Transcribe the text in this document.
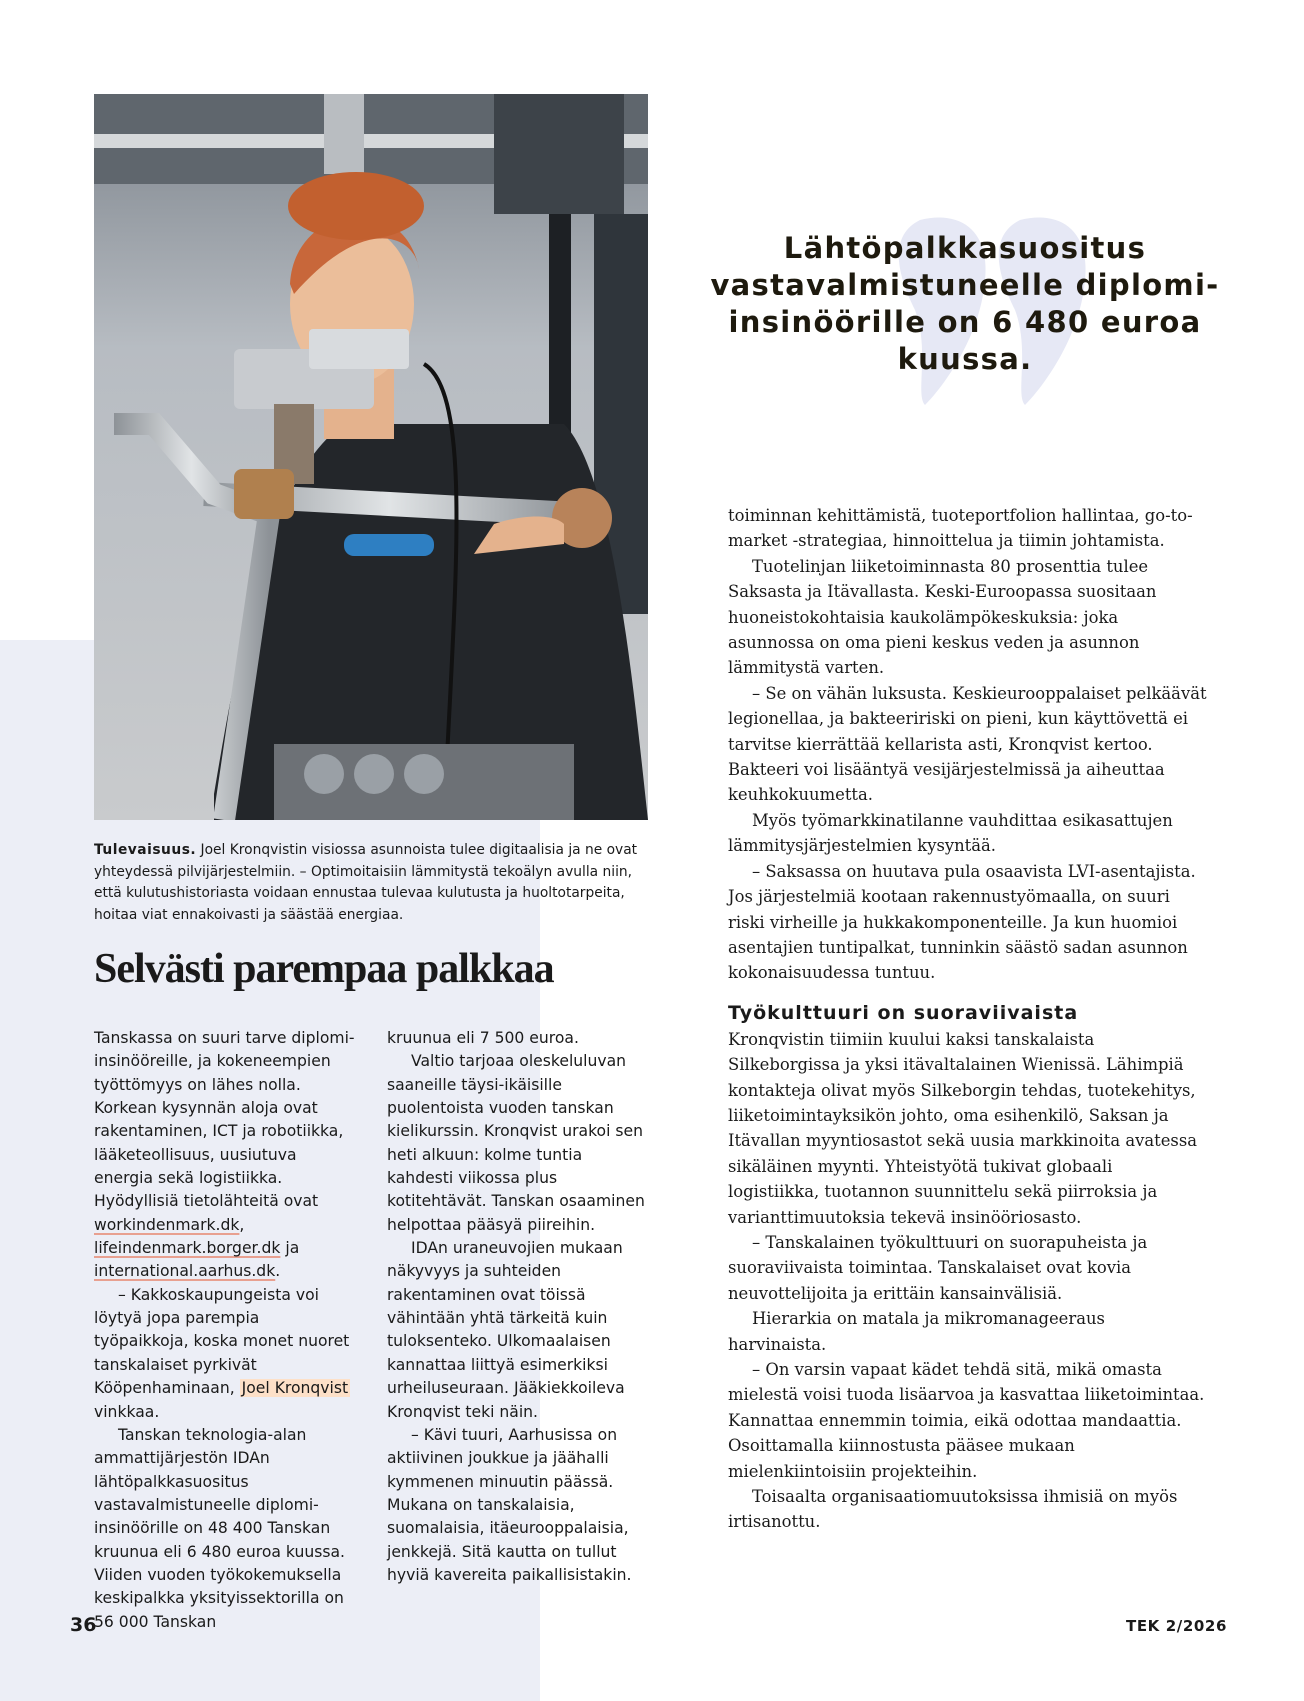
Tulevaisuus. Joel Kronqvistin visiossa asunnoista tulee digitaalisia ja ne ovat yhteydessä pilvijärjestelmiin. – Optimoitaisiin lämmitystä tekoälyn avulla niin, että kulutushistoriasta voidaan ennustaa tulevaa kulutusta ja huoltotarpeita, hoitaa viat ennakoivasti ja säästää energiaa.
Selvästi parempaa palkkaa

Tanskassa on suuri tarve diplomi-insinööreille, ja kokeneempien työttömyys on lähes nolla. Korkean kysynnän aloja ovat rakentaminen, ICT ja robotiikka, lääketeollisuus, uusiutuva energia sekä logistiikka. Hyödyllisiä tietolähteitä ovat workindenmark.dk, lifeindenmark.borger.dk ja international.aarhus.dk.

– Kakkoskaupungeista voi löytyä jopa parempia työpaikkoja, koska monet nuoret tanskalaiset pyrkivät Kööpenhaminaan, Joel Kronqvist vinkkaa.

Tanskan teknologia-alan ammattijärjestön IDAn lähtöpalkkasuositus vastavalmistuneelle diplomi-insinöörille on 48 400 Tanskan kruunua eli 6 480 euroa kuussa. Viiden vuoden työkokemuksella keskipalkka yksityissektorilla on 56 000 Tanskan

kruunua eli 7 500 euroa.

Valtio tarjoaa oleskeluluvan saaneille täysi-ikäisille puolentoista vuoden tanskan kielikurssin. Kronqvist urakoi sen heti alkuun: kolme tuntia kahdesti viikossa plus kotitehtävät. Tanskan osaaminen helpottaa pääsyä piireihin.

IDAn uraneuvojien mukaan näkyvyys ja suhteiden rakentaminen ovat töissä vähintään yhtä tärkeitä kuin tuloksenteko. Ulkomaalaisen kannattaa liittyä esimerkiksi urheiluseuraan. Jääkiekkoileva Kronqvist teki näin.

– Kävi tuuri, Aarhusissa on aktiivinen joukkue ja jäähalli kymmenen minuutin päässä. Mukana on tanskalaisia, suomalaisia, itäeurooppalaisia, jenkkejä. Sitä kautta on tullut hyviä kavereita paikallisistakin.

Lähtöpalkkasuositus vastavalmistuneelle diplomi-insinöörille on 6 480 euroa kuussa.

toiminnan kehittämistä, tuoteportfolion hallintaa, go-to-market -strategiaa, hinnoittelua ja tiimin johtamista.

Tuotelinjan liiketoiminnasta 80 prosenttia tulee Saksasta ja Itävallasta. Keski-Euroopassa suositaan huoneistokohtaisia kaukolämpökeskuksia: joka asunnossa on oma pieni keskus veden ja asunnon lämmitystä varten.

– Se on vähän luksusta. Keskieurooppalaiset pelkäävät legionellaa, ja bakteeririski on pieni, kun käyttövettä ei tarvitse kierrättää kellarista asti, Kronqvist kertoo. Bakteeri voi lisääntyä vesijärjestelmissä ja aiheuttaa keuhkokuumetta.

Myös työmarkkinatilanne vauhdittaa esikasattujen lämmitysjärjestelmien kysyntää.

– Saksassa on huutava pula osaavista LVI-asentajista. Jos järjestelmiä kootaan rakennustyömaalla, on suuri riski virheille ja hukkakomponenteille. Ja kun huomioi asentajien tuntipalkat, tunninkin säästö sadan asunnon kokonaisuudessa tuntuu.

Työkulttuuri on suoraviivaista

Kronqvistin tiimiin kuului kaksi tanskalaista Silkeborgissa ja yksi itävaltalainen Wienissä. Lähimpiä kontakteja olivat myös Silkeborgin tehdas, tuotekehitys, liiketoimintayksikön johto, oma esihenkilö, Saksan ja Itävallan myyntiosastot sekä uusia markkinoita avatessa sikäläinen myynti. Yhteistyötä tukivat globaali logistiikka, tuotannon suunnittelu sekä piirroksia ja varianttimuutoksia tekevä insinööriosasto.

– Tanskalainen työkulttuuri on suorapuheista ja suoraviivaista toimintaa. Tanskalaiset ovat kovia neuvottelijoita ja erittäin kansainvälisiä.

Hierarkia on matala ja mikromanageeraus harvinaista.

– On varsin vapaat kädet tehdä sitä, mikä omasta mielestä voisi tuoda lisäarvoa ja kasvattaa liiketoimintaa. Kannattaa ennemmin toimia, eikä odottaa mandaattia. Osoittamalla kiinnostusta pääsee mukaan mielenkiintoisiin projekteihin.

Toisaalta organisaatiomuutoksissa ihmisiä on myös irtisanottu.

36	TEK 2/2026
